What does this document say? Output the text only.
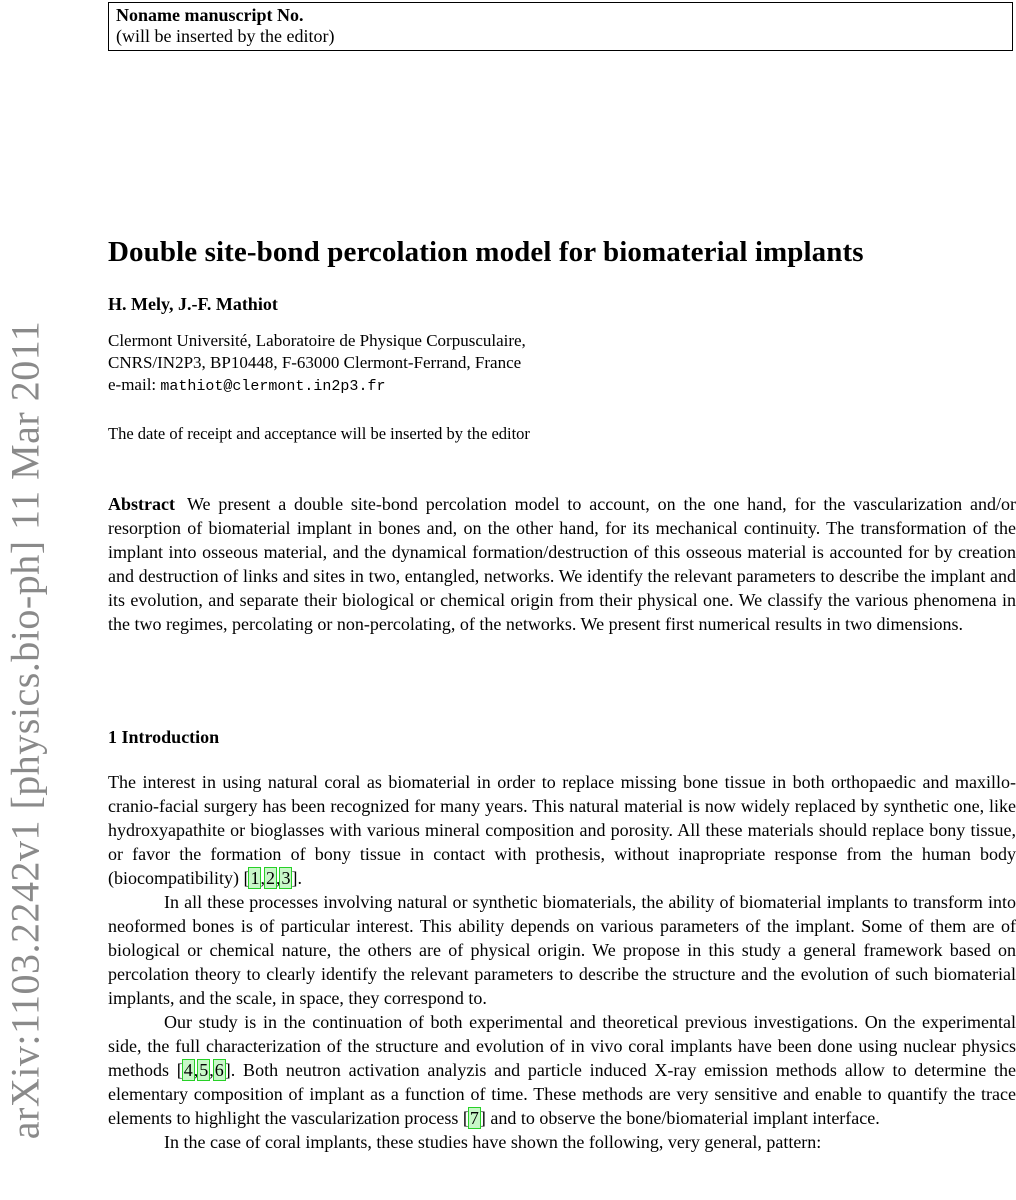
arXiv:1103.2242v1 [physics.bio-ph] 11 Mar 2011
Noname manuscript No.
(will be inserted by the editor)
Double site-bond percolation model for biomaterial implants
H. Mely, J.-F. Mathiot
Clermont Université, Laboratoire de Physique Corpusculaire,
CNRS/IN2P3, BP10448, F-63000 Clermont-Ferrand, France
e-mail: mathiot@clermont.in2p3.fr
The date of receipt and acceptance will be inserted by the editor

Abstract We present a double site-bond percolation model to account, on the one hand, for the vascularization and/or resorption of biomaterial implant in bones and, on the other hand, for its mechanical continuity. The transformation of the implant into osseous material, and the dynamical formation/destruction of this osseous material is accounted for by creation and destruction of links and sites in two, entangled, networks. We identify the relevant parameters to describe the implant and its evolution, and separate their biological or chemical origin from their physical one. We classify the various phenomena in the two regimes, percolating or non-percolating, of the networks. We present first numerical results in two dimensions.

1 Introduction

The interest in using natural coral as biomaterial in order to replace missing bone tissue in both orthopaedic and maxillo-cranio-facial surgery has been recognized for many years. This natural material is now widely replaced by synthetic one, like hydroxyapathite or bioglasses with various mineral composition and porosity. All these materials should replace bony tissue, or favor the formation of bony tissue in contact with prothesis, without inapropriate response from the human body (biocompatibility) [1,2,3].

In all these processes involving natural or synthetic biomaterials, the ability of biomaterial implants to transform into neoformed bones is of particular interest. This ability depends on various parameters of the implant. Some of them are of biological or chemical nature, the others are of physical origin. We propose in this study a general framework based on percolation theory to clearly identify the relevant parameters to describe the structure and the evolution of such biomaterial implants, and the scale, in space, they correspond to.

Our study is in the continuation of both experimental and theoretical previous investigations. On the experimental side, the full characterization of the structure and evolution of in vivo coral implants have been done using nuclear physics methods [4,5,6]. Both neutron activation analyzis and particle induced X-ray emission methods allow to determine the elementary composition of implant as a function of time. These methods are very sensitive and enable to quantify the trace elements to highlight the vascularization process [7] and to observe the bone/biomaterial implant interface.

In the case of coral implants, these studies have shown the following, very general, pattern:
